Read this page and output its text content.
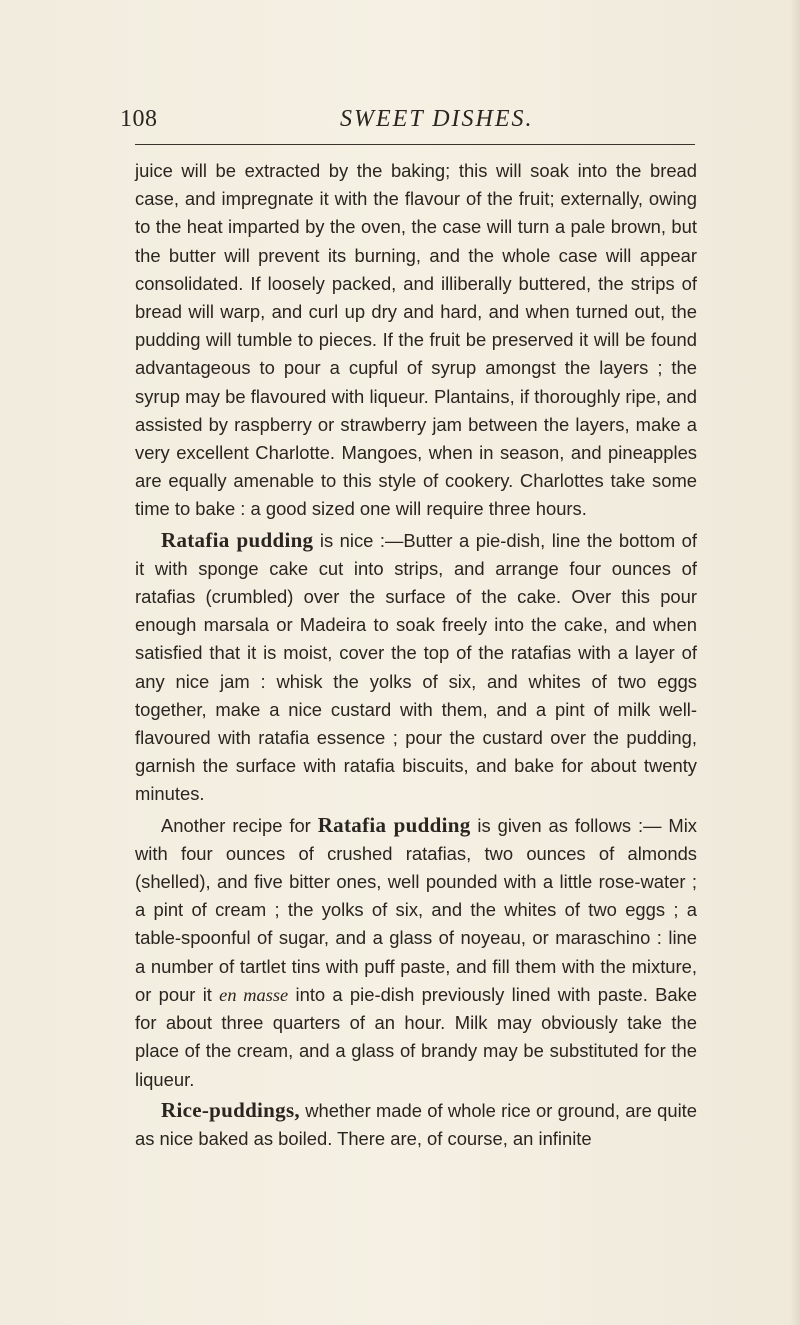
108	SWEET DISHES.

juice will be extracted by the baking; this will soak into the bread case, and impregnate it with the flavour of the fruit; externally, owing to the heat imparted by the oven, the case will turn a pale brown, but the butter will prevent its burning, and the whole case will appear consolidated. If loosely packed, and illiberally buttered, the strips of bread will warp, and curl up dry and hard, and when turned out, the pudding will tumble to pieces. If the fruit be preserved it will be found advantageous to pour a cupful of syrup amongst the layers ; the syrup may be flavoured with liqueur. Plantains, if thoroughly ripe, and assisted by raspberry or strawberry jam between the layers, make a very excellent Charlotte. Mangoes, when in season, and pineapples are equally amenable to this style of cookery. Charlottes take some time to bake : a good sized one will require three hours.

Ratafia pudding is nice :—Butter a pie-dish, line the bottom of it with sponge cake cut into strips, and arrange four ounces of ratafias (crumbled) over the surface of the cake. Over this pour enough marsala or Madeira to soak freely into the cake, and when satisfied that it is moist, cover the top of the ratafias with a layer of any nice jam : whisk the yolks of six, and whites of two eggs together, make a nice custard with them, and a pint of milk well-flavoured with ratafia essence ; pour the custard over the pudding, garnish the surface with ratafia biscuits, and bake for about twenty minutes.

Another recipe for Ratafia pudding is given as follows :— Mix with four ounces of crushed ratafias, two ounces of almonds (shelled), and five bitter ones, well pounded with a little rose-water ; a pint of cream ; the yolks of six, and the whites of two eggs ; a table-spoonful of sugar, and a glass of noyeau, or maraschino : line a number of tartlet tins with puff paste, and fill them with the mixture, or pour it en masse into a pie-dish previously lined with paste. Bake for about three quarters of an hour. Milk may obviously take the place of the cream, and a glass of brandy may be substituted for the liqueur.

Rice-puddings, whether made of whole rice or ground, are quite as nice baked as boiled. There are, of course, an infinite
